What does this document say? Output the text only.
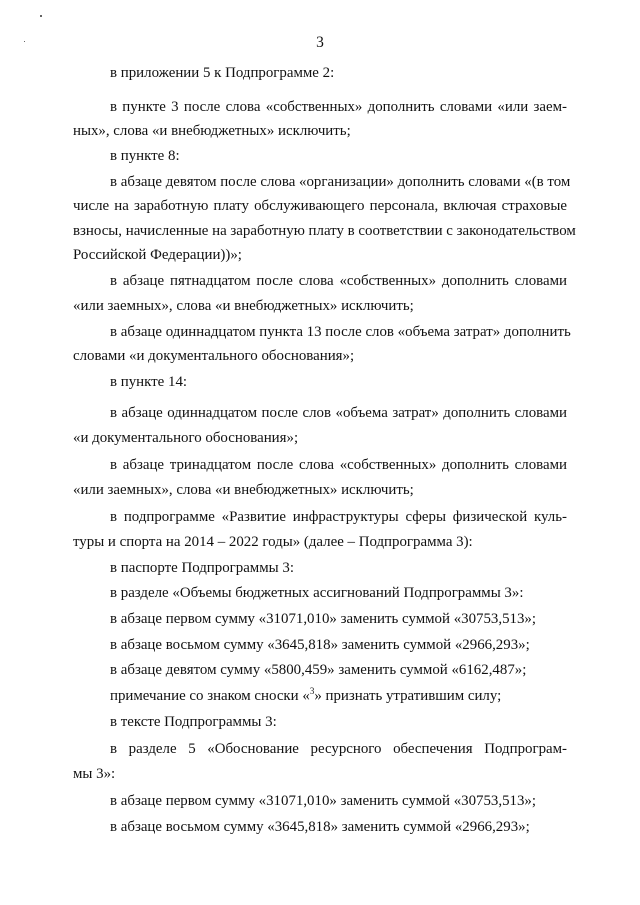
3
в приложении 5 к Подпрограмме 2:
в пункте 3 после слова «собственных» дополнить словами «или заем-
ных», слова «и внебюджетных» исключить;
в пункте 8:
в абзаце девятом после слова «организации» дополнить словами «(в том
числе на заработную плату обслуживающего персонала, включая страховые
взносы, начисленные на заработную плату в соответствии с законодательством
Российской Федерации))»;
в абзаце пятнадцатом после слова «собственных» дополнить словами
«или заемных», слова «и внебюджетных» исключить;
в абзаце одиннадцатом пункта 13 после слов «объема затрат» дополнить
словами «и документального обоснования»;
в пункте 14:
в абзаце одиннадцатом после слов «объема затрат» дополнить словами
«и документального обоснования»;
в абзаце тринадцатом после слова «собственных» дополнить словами
«или заемных», слова «и внебюджетных» исключить;
в подпрограмме «Развитие инфраструктуры сферы физической куль-
туры и спорта на 2014 – 2022 годы» (далее – Подпрограмма 3):
в паспорте Подпрограммы 3:
в разделе «Объемы бюджетных ассигнований Подпрограммы 3»:
в абзаце первом сумму «31071,010» заменить суммой «30753,513»;
в абзаце восьмом сумму «3645,818» заменить суммой «2966,293»;
в абзаце девятом сумму «5800,459» заменить суммой «6162,487»;
примечание со знаком сноски «$^3$» признать утратившим силу;
в тексте Подпрограммы 3:
в разделе 5 «Обоснование ресурсного обеспечения Подпрограм-
мы 3»:
в абзаце первом сумму «31071,010» заменить суммой «30753,513»;
в абзаце восьмом сумму «3645,818» заменить суммой «2966,293»;
